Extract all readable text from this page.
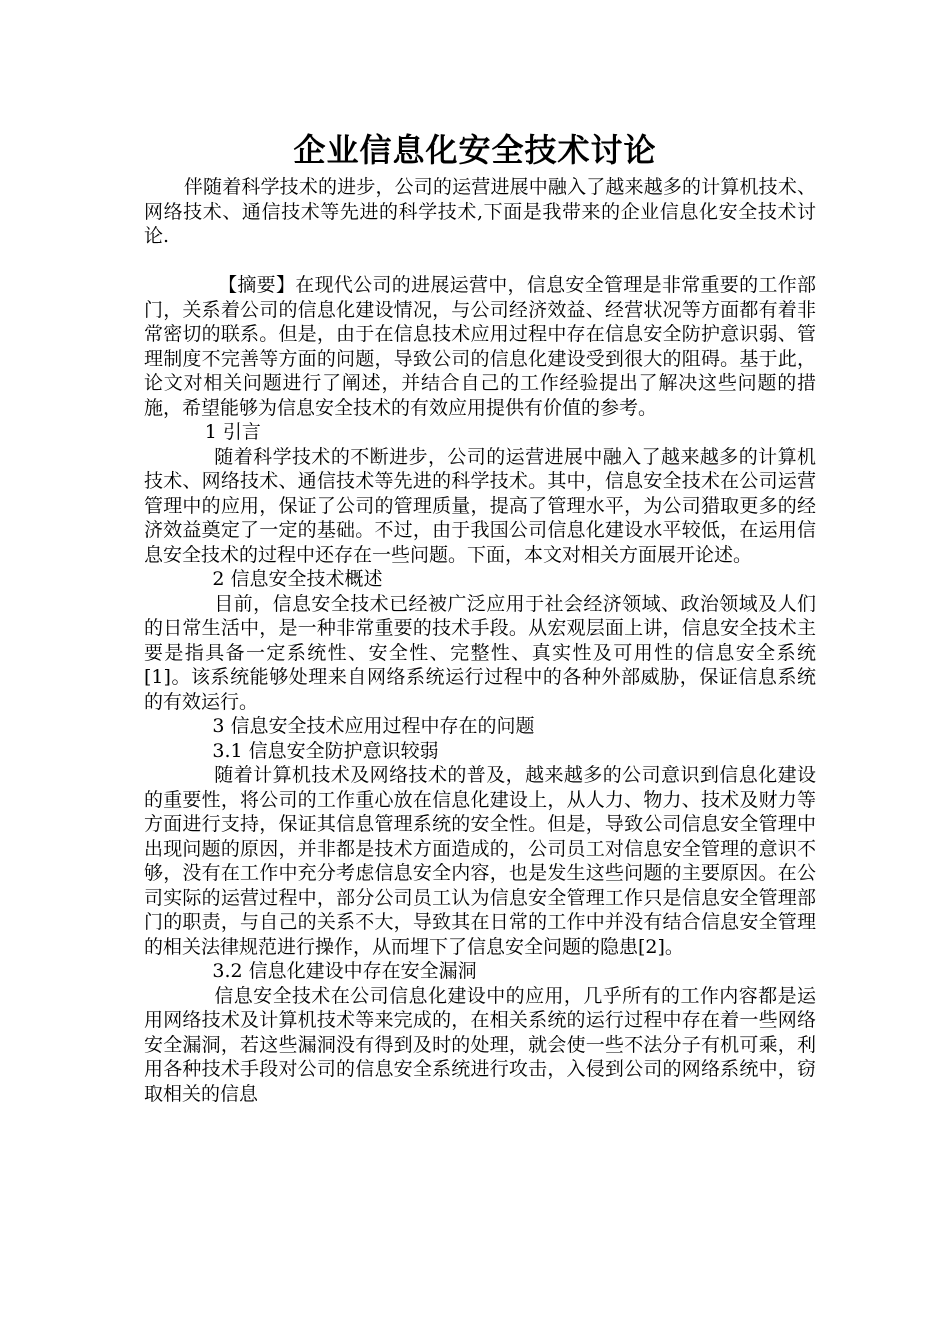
企业信息化安全技术讨论

伴随着科学技术的进步，公司的运营进展中融入了越来越多的计算机技术、网络技术、通信技术等先进的科学技术,下面是我带来的企业信息化安全技术讨论.

【摘要】在现代公司的进展运营中，信息安全管理是非常重要的工作部门，关系着公司的信息化建设情况，与公司经济效益、经营状况等方面都有着非常密切的联系。但是，由于在信息技术应用过程中存在信息安全防护意识弱、管理制度不完善等方面的问题，导致公司的信息化建设受到很大的阻碍。基于此，论文对相关问题进行了阐述，并结合自己的工作经验提出了解决这些问题的措施，希望能够为信息安全技术的有效应用提供有价值的参考。

1 引言

随着科学技术的不断进步，公司的运营进展中融入了越来越多的计算机技术、网络技术、通信技术等先进的科学技术。其中，信息安全技术在公司运营管理中的应用，保证了公司的管理质量，提高了管理水平，为公司猎取更多的经济效益奠定了一定的基础。不过，由于我国公司信息化建设水平较低，在运用信息安全技术的过程中还存在一些问题。下面，本文对相关方面展开论述。

2 信息安全技术概述

目前，信息安全技术已经被广泛应用于社会经济领域、政治领域及人们的日常生活中，是一种非常重要的技术手段。从宏观层面上讲，信息安全技术主要是指具备一定系统性、安全性、完整性、真实性及可用性的信息安全系统[1]。该系统能够处理来自网络系统运行过程中的各种外部威胁，保证信息系统的有效运行。

3 信息安全技术应用过程中存在的问题

3.1 信息安全防护意识较弱

随着计算机技术及网络技术的普及，越来越多的公司意识到信息化建设的重要性，将公司的工作重心放在信息化建设上，从人力、物力、技术及财力等方面进行支持，保证其信息管理系统的安全性。但是，导致公司信息安全管理中出现问题的原因，并非都是技术方面造成的，公司员工对信息安全管理的意识不够，没有在工作中充分考虑信息安全内容，也是发生这些问题的主要原因。在公司实际的运营过程中，部分公司员工认为信息安全管理工作只是信息安全管理部门的职责，与自己的关系不大，导致其在日常的工作中并没有结合信息安全管理的相关法律规范进行操作，从而埋下了信息安全问题的隐患[2]。

3.2 信息化建设中存在安全漏洞

信息安全技术在公司信息化建设中的应用，几乎所有的工作内容都是运用网络技术及计算机技术等来完成的，在相关系统的运行过程中存在着一些网络安全漏洞，若这些漏洞没有得到及时的处理，就会使一些不法分子有机可乘，利用各种技术手段对公司的信息安全系统进行攻击，入侵到公司的网络系统中，窃取相关的信息
